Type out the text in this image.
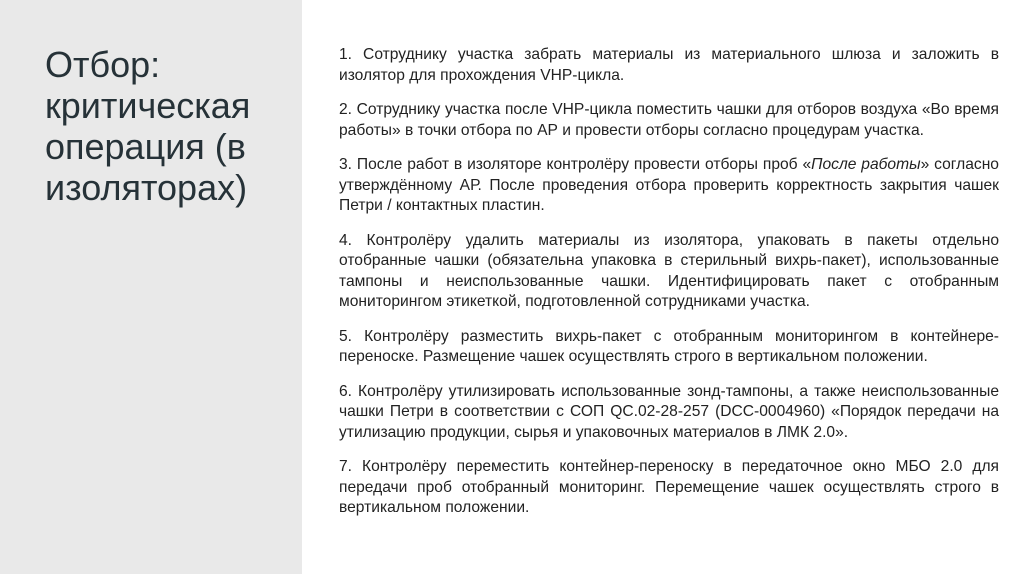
Отбор: критическая операция (в изоляторах)

1. Сотруднику участка забрать материалы из материального шлюза и заложить в изолятор для прохождения VHP-цикла.

2. Сотруднику участка после VHP-цикла поместить чашки для отборов воздуха «Во время работы» в точки отбора по АР и провести отборы согласно процедурам участка.

3. После работ в изоляторе контролёру провести отборы проб «После работы» согласно утверждённому АР. После проведения отбора проверить корректность закрытия чашек Петри / контактных пластин.

4. Контролёру удалить материалы из изолятора, упаковать в пакеты отдельно отобранные чашки (обязательна упаковка в стерильный вихрь-пакет), использованные тампоны и неиспользованные чашки. Идентифицировать пакет с отобранным мониторингом этикеткой, подготовленной сотрудниками участка.

5. Контролёру разместить вихрь-пакет с отобранным мониторингом в контейнере-переноске. Размещение чашек осуществлять строго в вертикальном положении.

6. Контролёру утилизировать использованные зонд-тампоны, а также неиспользованные чашки Петри в соответствии с СОП QC.02-28-257 (DCC-0004960) «Порядок передачи на утилизацию продукции, сырья и упаковочных материалов в ЛМК 2.0».

7. Контролёру переместить контейнер-переноску в передаточное окно МБО 2.0 для передачи проб отобранный мониторинг. Перемещение чашек осуществлять строго в вертикальном положении.
